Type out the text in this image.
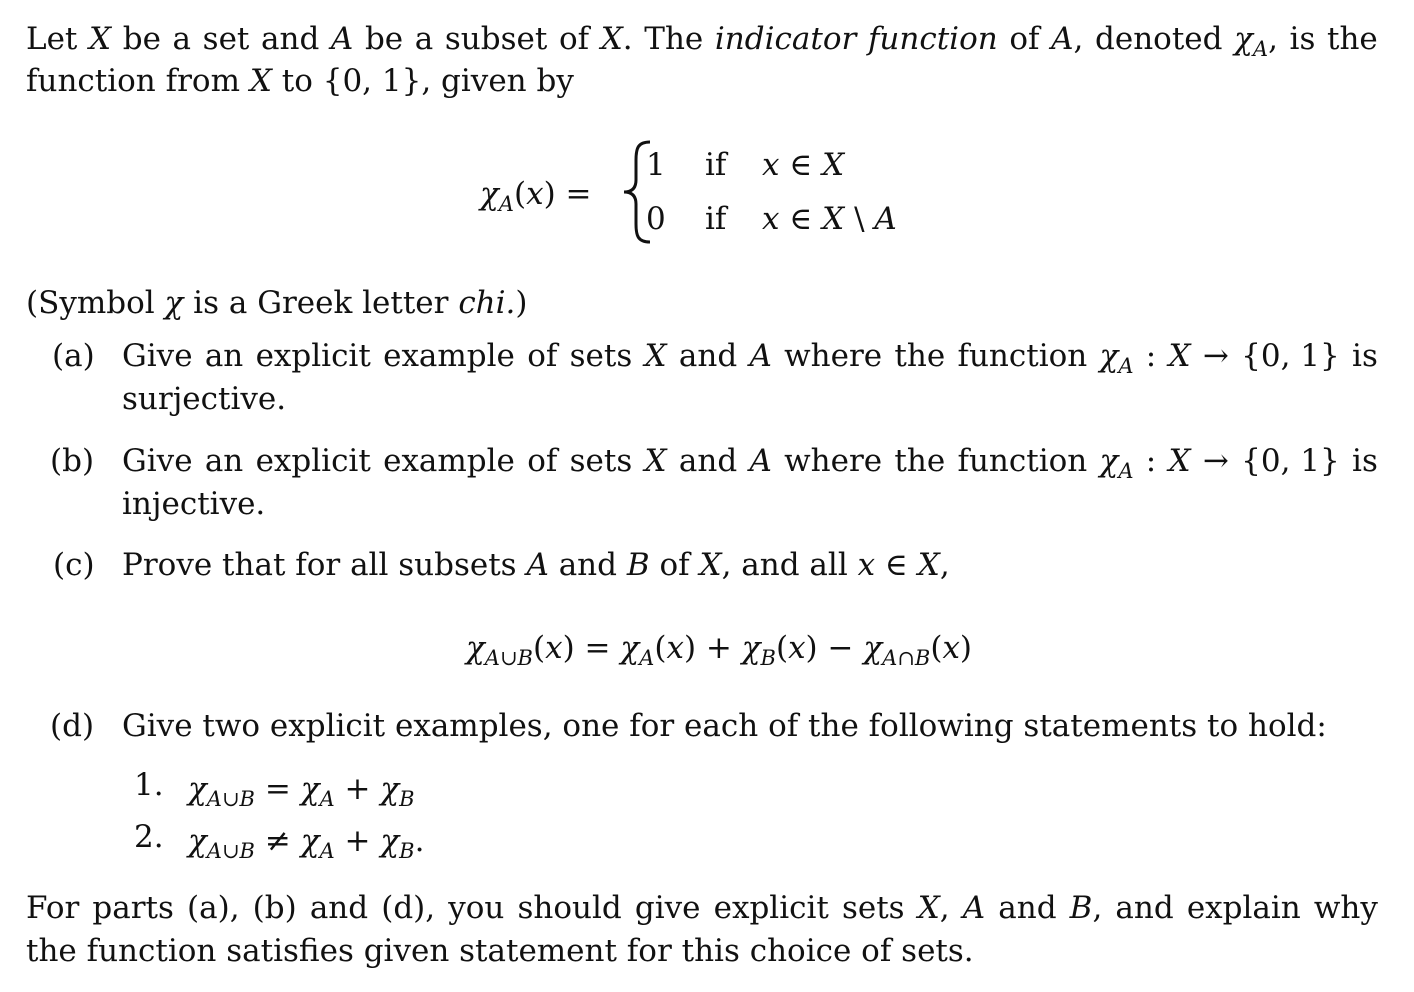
Let X be a set and A be a subset of X. The indicator function of A, denoted $\chi_A$, is the
function from X to {0, 1}, given by
$\chi_A(x)$ =
1 if x ∈ X
0 if x ∈ X \ A
(Symbol χ is a Greek letter chi.)
(a) Give an explicit example of sets X and A where the function $\chi_A$ : X → {0, 1} is
surjective.
(b) Give an explicit example of sets X and A where the function $\chi_A$ : X → {0, 1} is
injective.
(c) Prove that for all subsets A and B of X, and all x ∈ X,
$\chi_{A\cup B}(x) = \chi_A(x) + \chi_B(x) - \chi_{A\cap B}(x)$
(d) Give two explicit examples, one for each of the following statements to hold:
1. $\chi_{A\cup B} = \chi_A + \chi_B$
2. $\chi_{A\cup B} \ne \chi_A + \chi_B$.
For parts (a), (b) and (d), you should give explicit sets X, A and B, and explain why
the function satisfies given statement for this choice of sets.
